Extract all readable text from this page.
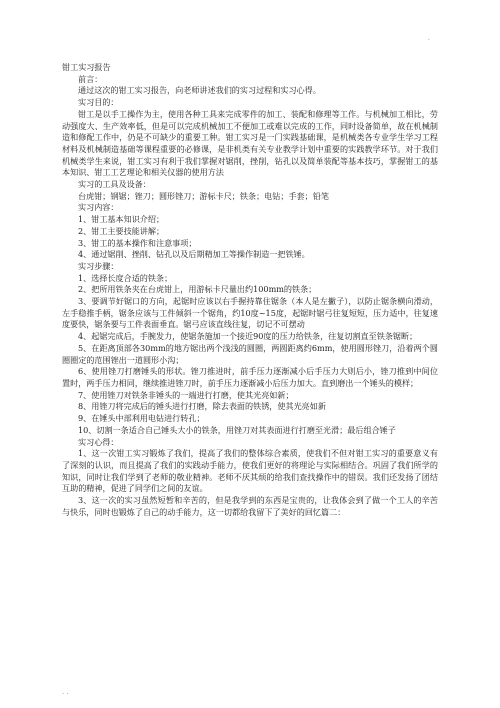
·

钳工实习报告

前言：

通过这次的钳工实习报告，向老师讲述我们的实习过程和实习心得。

实习目的：

钳工是以手工操作为主，使用各种工具来完成零件的加工、装配和修理等工作。与机械加工相比，劳动强度大、生产效率低，但是可以完成机械加工不便加工或难以完成的工作，同时设备简单，故在机械制造和修配工作中，仍是不可缺少的重要工种。钳工实习是一门实践基础课，是机械类各专业学生学习工程材料及机械制造基础等课程重要的必修课，是非机类有关专业教学计划中重要的实践教学环节。对于我们机械类学生来说，钳工实习有利于我们掌握对锯削，挫削，钻孔以及简单装配等基本技巧，掌握钳工的基本知识、钳工工艺理论和相关仪器的使用方法

实习的工具及设备：

台虎钳；钢锯；锉刀；圆形锉刀；游标卡尺；铁条；电钻；手套；铅笔

实习内容：

1、钳工基本知识介绍；

2、钳工主要技能讲解；

3、钳工的基本操作和注意事项；

4、通过锯削、挫削、钻孔以及后期精加工等操作制造一把铁锤。

实习步骤：

1、选择长度合适的铁条；

2、把所用铁条夹在台虎钳上，用游标卡尺量出约100mm的铁条；

3、要调节好锯口的方向，起锯时应该以右手握持靠住锯条（本人是左撇子），以防止锯条横向滑动，左手稳推手柄，锯条应该与工件倾斜一个锯角，约10度~15度，起锯时锯弓往复短短，压力适中，往复速度要快，锯条要与工件表面垂直。锯弓应该直线往复，切记不可摆动

4、起锯完成后，手腕发力，使锯条施加一个接近90度的压力给铁条，往复切割直至铁条锯断；

5、在距离顶部各30mm的地方锯出两个浅浅的圆圈，两圆距离约6mm，使用圆形锉刀，沿着两个圆圈圈定的范围锉出一道圆形小沟；

6、使用锉刀打磨锤头的形状。锉刀推进时，前手压力逐渐减小后手压力大则后小，锉刀推到中间位置时，两手压力相同，继续推进锉刀时，前手压力逐渐减小后压力加大。直到磨出一个锤头的模样；

7、使用锉刀对铁条非锤头的一端进行打磨，使其光亮如新；

8、用锉刀将完成后的锤头进行打磨，除去表面的铁锈，使其光亮如新

9、在锤头中部利用电钻进行转孔；

10、切割一条适合自己锤头大小的铁条，用锉刀对其表面进行打磨至光滑；最后组合锤子

实习心得：

1、这一次钳工实习锻炼了我们，提高了我们的整体综合素质，使我们不但对钳工实习的重要意义有了深刻的认识，而且提高了我们的实践动手能力，使我们更好的将理论与实际相结合。巩固了我们所学的知识，同时让我们学到了老师的敬业精神。老师不厌其烦的给我们查找操作中的错误。我们还发扬了团结互助的精神，促进了同学们之间的友谊。

3、这一次的实习虽然短暂和辛苦的，但是我学到的东西是宝贵的，让我体会到了做一个工人的辛苦与快乐，同时也锻炼了自己的动手能力，这一切都给我留下了美好的回忆篇二：

· ·
